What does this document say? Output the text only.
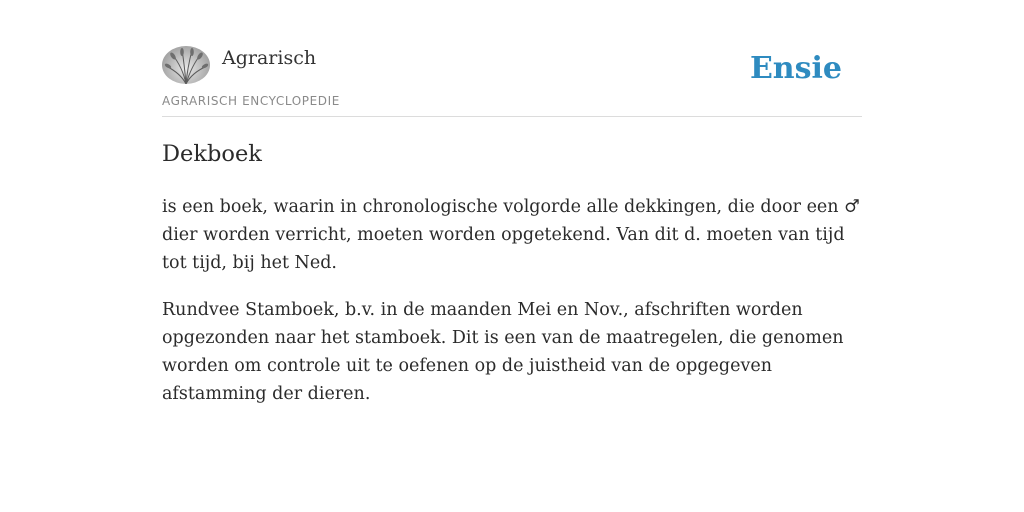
Agrarisch
AGRARISCH ENCYCLOPEDIE
Ensie
Dekboek

is een boek, waarin in chronologische volgorde alle dekkingen, die door een ♂ dier worden verricht, moeten worden opgetekend. Van dit d. moeten van tijd tot tijd, bij het Ned.

Rundvee Stamboek, b.v. in de maanden Mei en Nov., afschriften worden opgezonden naar het stamboek. Dit is een van de maatregelen, die genomen worden om controle uit te oefenen op de juistheid van de opgegeven afstamming der dieren.
